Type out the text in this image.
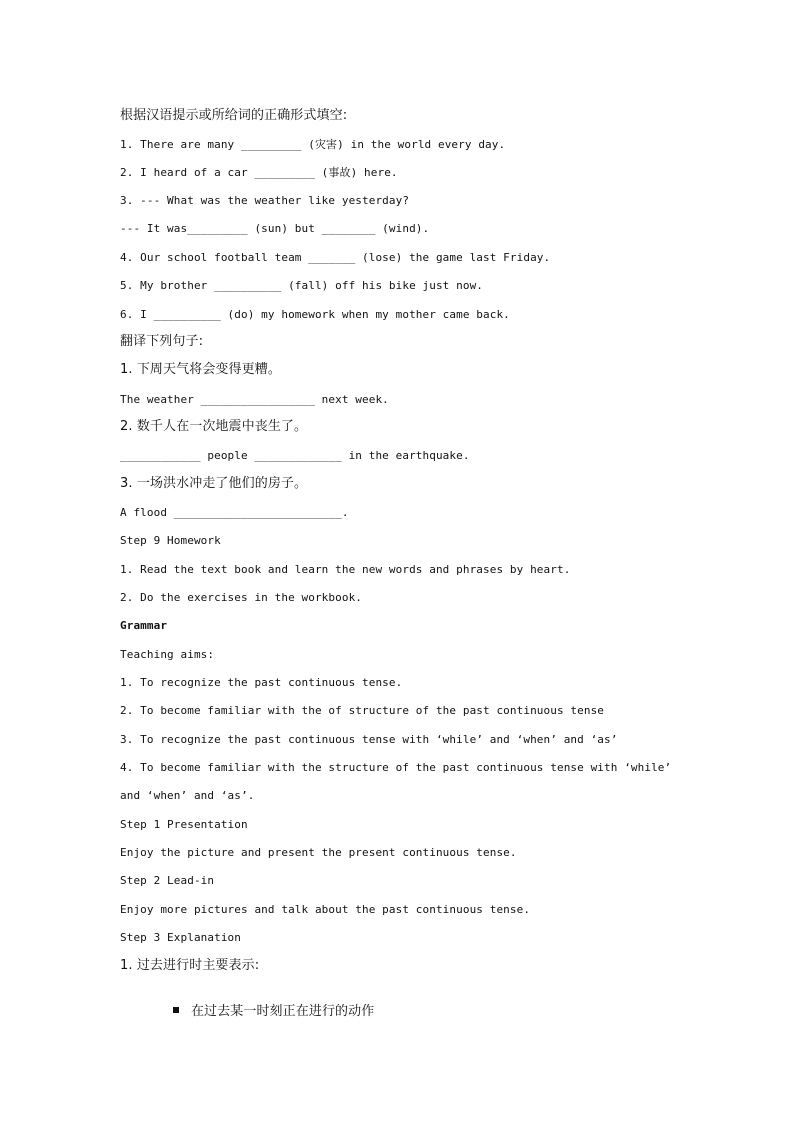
根据汉语提示或所给词的正确形式填空:
1. There are many _________ (灾害) in the world every day.
2. I heard of a car _________ (事故) here.
3. --- What was the weather like yesterday?
--- It was_________ (sun) but ________ (wind).
4. Our school football team _______ (lose) the game last Friday.
5. My brother __________ (fall) off his bike just now.
6. I __________ (do) my homework when my mother came back.
翻译下列句子:
1. 下周天气将会变得更糟。
The weather _________________ next week.
2. 数千人在一次地震中丧生了。
____________ people _____________ in the earthquake.
3. 一场洪水冲走了他们的房子。
A flood _________________________.
Step 9 Homework
1. Read the text book and learn the new words and phrases by heart.
2. Do the exercises in the workbook.
Grammar
Teaching aims:
1. To recognize the past continuous tense.
2. To become familiar with the of structure of the past continuous tense
3. To recognize the past continuous tense with ‘while’ and ‘when’ and ‘as’
4. To become familiar with the structure of the past continuous tense with ‘while’
and ‘when’ and ‘as’.
Step 1 Presentation
Enjoy the picture and present the present continuous tense.
Step 2 Lead-in
Enjoy more pictures and talk about the past continuous tense.
Step 3 Explanation
1. 过去进行时主要表示:

在过去某一时刻正在进行的动作
